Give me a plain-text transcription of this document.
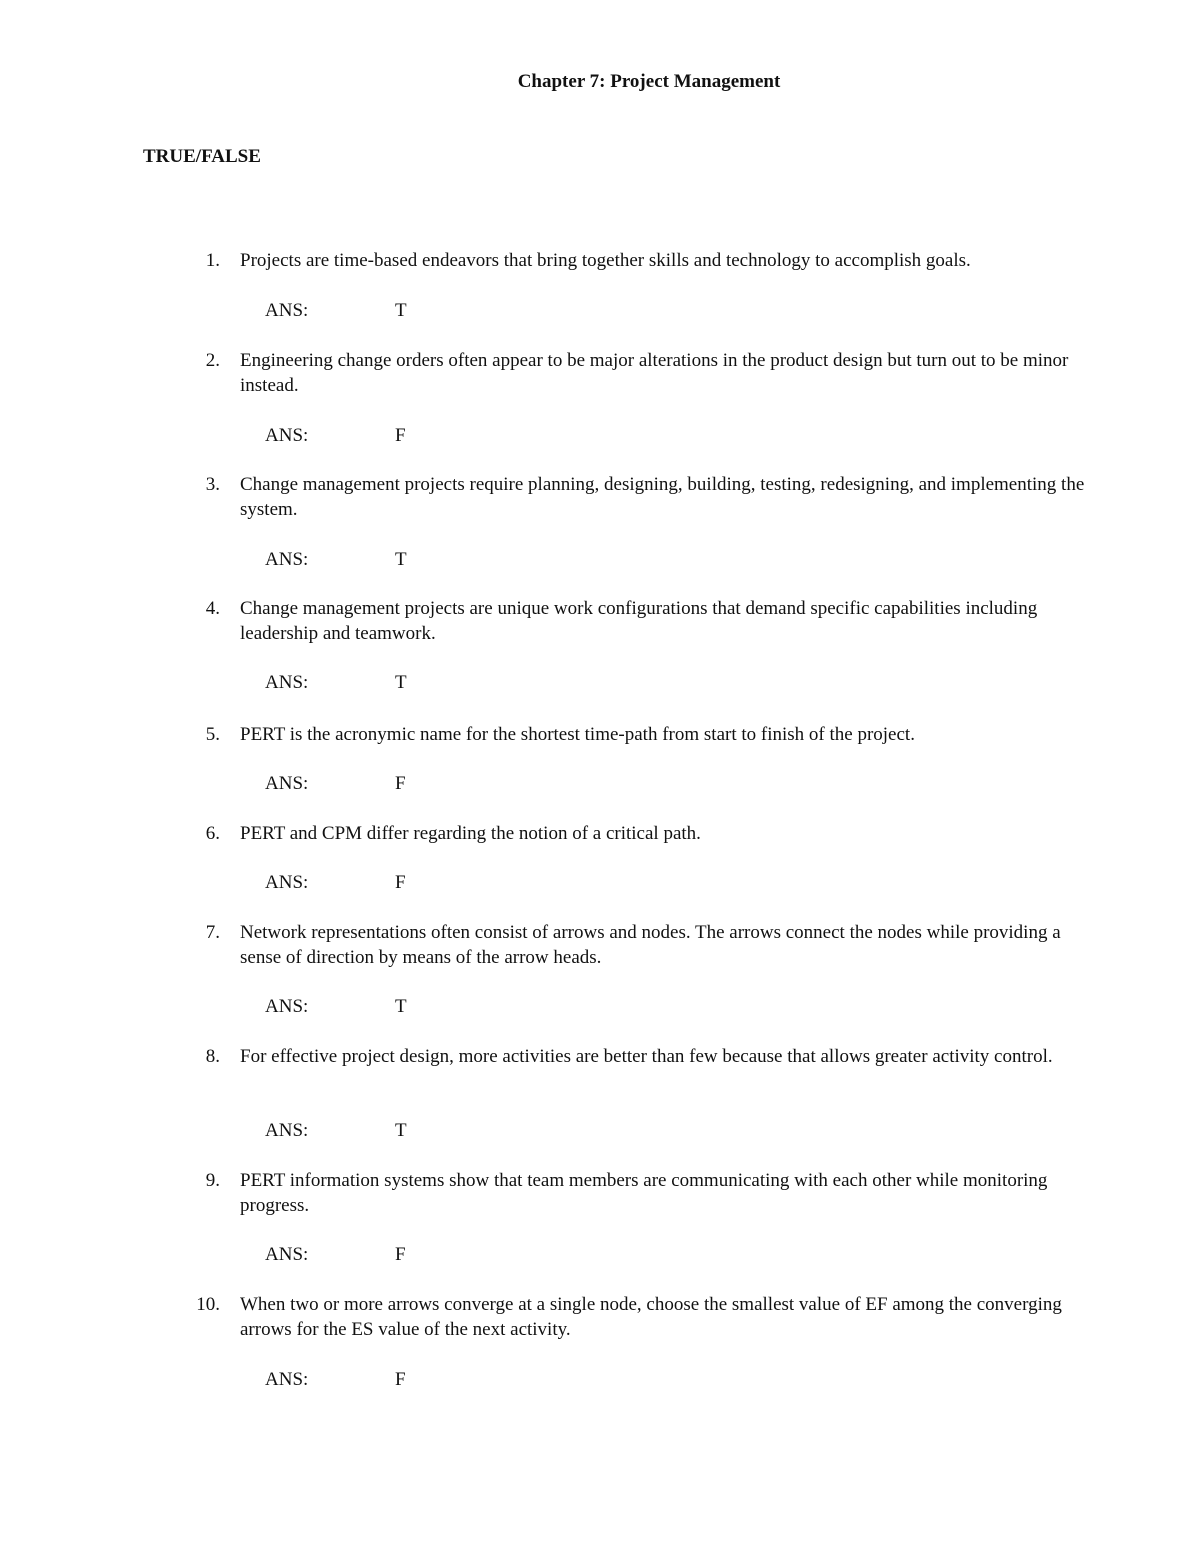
Chapter 7: Project Management
TRUE/FALSE
1. Projects are time-based endeavors that bring together skills and technology to accomplish goals.
ANS:	T
2. Engineering change orders often appear to be major alterations in the product design but turn out to be minor instead.
ANS:	F
3. Change management projects require planning, designing, building, testing, redesigning, and implementing the system.
ANS:	T
4. Change management projects are unique work configurations that demand specific capabilities including leadership and teamwork.
ANS:	T
5. PERT is the acronymic name for the shortest time-path from start to finish of the project.
ANS:	F
6. PERT and CPM differ regarding the notion of a critical path.
ANS:	F
7. Network representations often consist of arrows and nodes. The arrows connect the nodes while providing a sense of direction by means of the arrow heads.
ANS:	T
8. For effective project design, more activities are better than few because that allows greater activity control.
ANS:	T
9. PERT information systems show that team members are communicating with each other while monitoring progress.
ANS:	F
10. When two or more arrows converge at a single node, choose the smallest value of EF among the converging arrows for the ES value of the next activity.
ANS:	F
